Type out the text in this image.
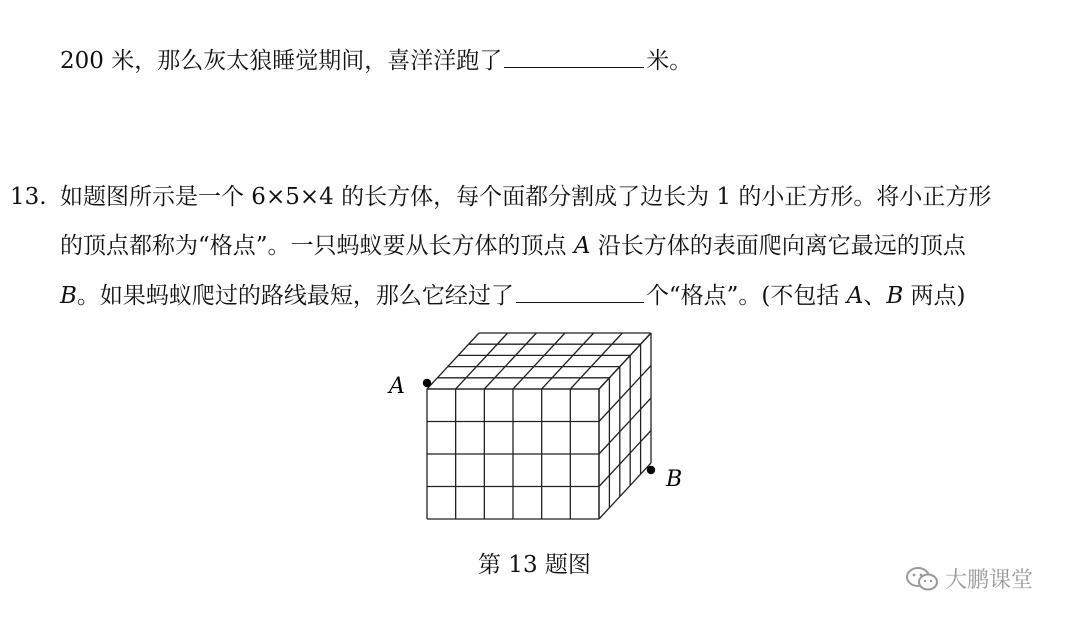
200 米，那么灰太狼睡觉期间，喜洋洋跑了	米。
13. 如题图所示是一个 6×5×4 的长方体，每个面都分割成了边长为 1 的小正方形。将小正方形
的顶点都称为“格点”。一只蚂蚁要从长方体的顶点 A 沿长方体的表面爬向离它最远的顶点
B。如果蚂蚁爬过的路线最短，那么它经过了	个“格点”。(不包括 A、B 两点)
A
B
第 13 题图
大鹏课堂
